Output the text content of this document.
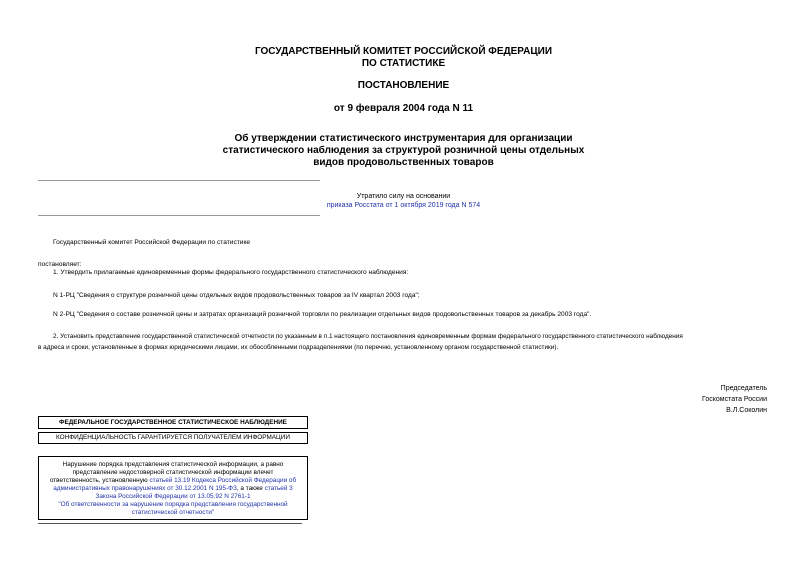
ГОСУДАРСТВЕННЫЙ КОМИТЕТ РОССИЙСКОЙ ФЕДЕРАЦИИ
ПО СТАТИСТИКЕ
ПОСТАНОВЛЕНИЕ
от 9 февраля 2004 года N 11
Об утверждении статистического инструментария для организации
статистического наблюдения за структурой розничной цены отдельных
видов продовольственных товаров
Утратило силу на основании
приказа Росстата от 1 октября 2019 года N 574
Государственный комитет Российской Федерации по статистике
постановляет:
1. Утвердить прилагаемые единовременные формы федерального государственного статистического наблюдения:
N 1-РЦ "Сведения о структуре розничной цены отдельных видов продовольственных товаров за IV квартал 2003 года";
N 2-РЦ "Сведения о составе розничной цены и затратах организаций розничной торговли по реализации отдельных видов продовольственных товаров за декабрь 2003 года".
2. Установить представление государственной статистической отчетности по указанным в п.1 настоящего постановления единовременным формам федерального государственного статистического наблюдения
в адреса и сроки, установленные в формах юридическими лицами, их обособленными подразделениями (по перечню, установленному органом государственной статистики).
Председатель
Госкомстата России
В.Л.Соколин
ФЕДЕРАЛЬНОЕ ГОСУДАРСТВЕННОЕ СТАТИСТИЧЕСКОЕ НАБЛЮДЕНИЕ
КОНФИДЕНЦИАЛЬНОСТЬ ГАРАНТИРУЕТСЯ ПОЛУЧАТЕЛЕМ ИНФОРМАЦИИ
Нарушение порядка представления статистической информации, а равно
представление недостоверной статистической информации влечет
ответственность, установленную статьей 13.19 Кодекса Российской Федерации об
административных правонарушениях от 30.12.2001 N 195-ФЗ, а также статьей 3
Закона Российской Федерации от 13.05.92 N 2761-1
"Об ответственности за нарушение порядка представления государственной
статистической отчетности"
